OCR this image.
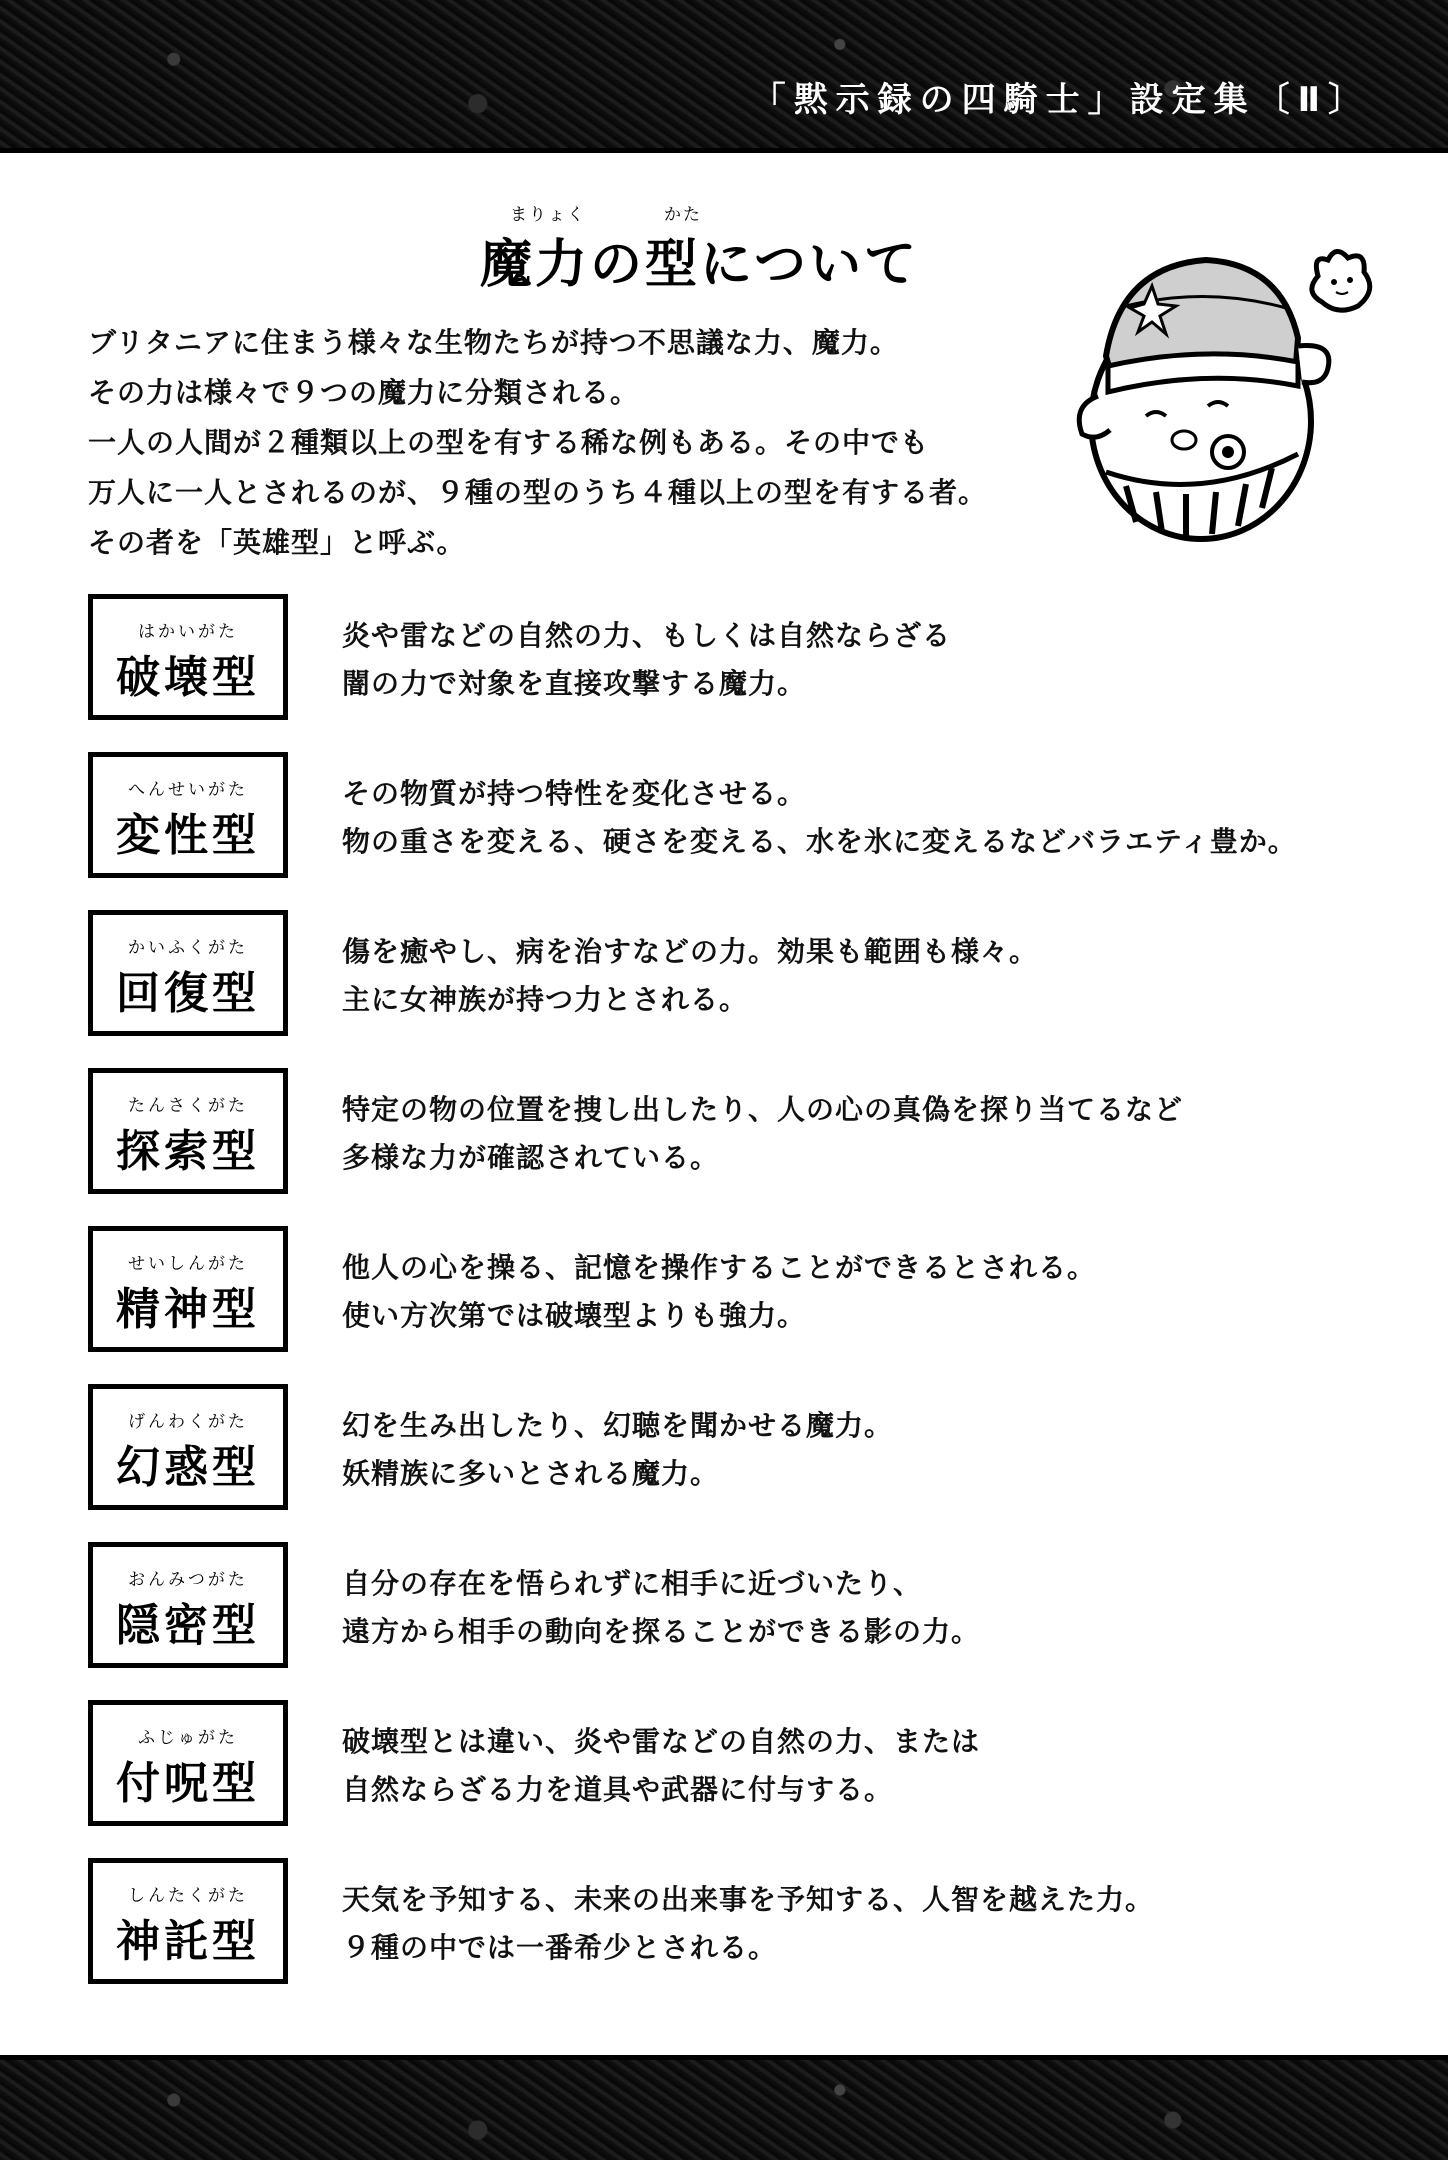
「黙示録の四騎士」設定集〔Ⅱ〕
まりょく	かた
魔力の型について

ブリタニアに住まう様々な生物たちが持つ不思議な力、魔力。

その力は様々で９つの魔力に分類される。

一人の人間が２種類以上の型を有する稀な例もある。その中でも

万人に一人とされるのが、９種の型のうち４種以上の型を有する者。

その者を「英雄型」と呼ぶ。

はかいがた
破壊型

炎や雷などの自然の力、もしくは自然ならざる

闇の力で対象を直接攻撃する魔力。

へんせいがた
変性型

その物質が持つ特性を変化させる。

物の重さを変える、硬さを変える、水を氷に変えるなどバラエティ豊か。

かいふくがた
回復型

傷を癒やし、病を治すなどの力。効果も範囲も様々。

主に女神族が持つ力とされる。

たんさくがた
探索型

特定の物の位置を捜し出したり、人の心の真偽を探り当てるなど

多様な力が確認されている。

せいしんがた
精神型

他人の心を操る、記憶を操作することができるとされる。

使い方次第では破壊型よりも強力。

げんわくがた
幻惑型

幻を生み出したり、幻聴を聞かせる魔力。

妖精族に多いとされる魔力。

おんみつがた
隠密型

自分の存在を悟られずに相手に近づいたり、

遠方から相手の動向を探ることができる影の力。

ふじゅがた
付呪型

破壊型とは違い、炎や雷などの自然の力、または

自然ならざる力を道具や武器に付与する。

しんたくがた
神託型

天気を予知する、未来の出来事を予知する、人智を越えた力。

９種の中では一番希少とされる。
